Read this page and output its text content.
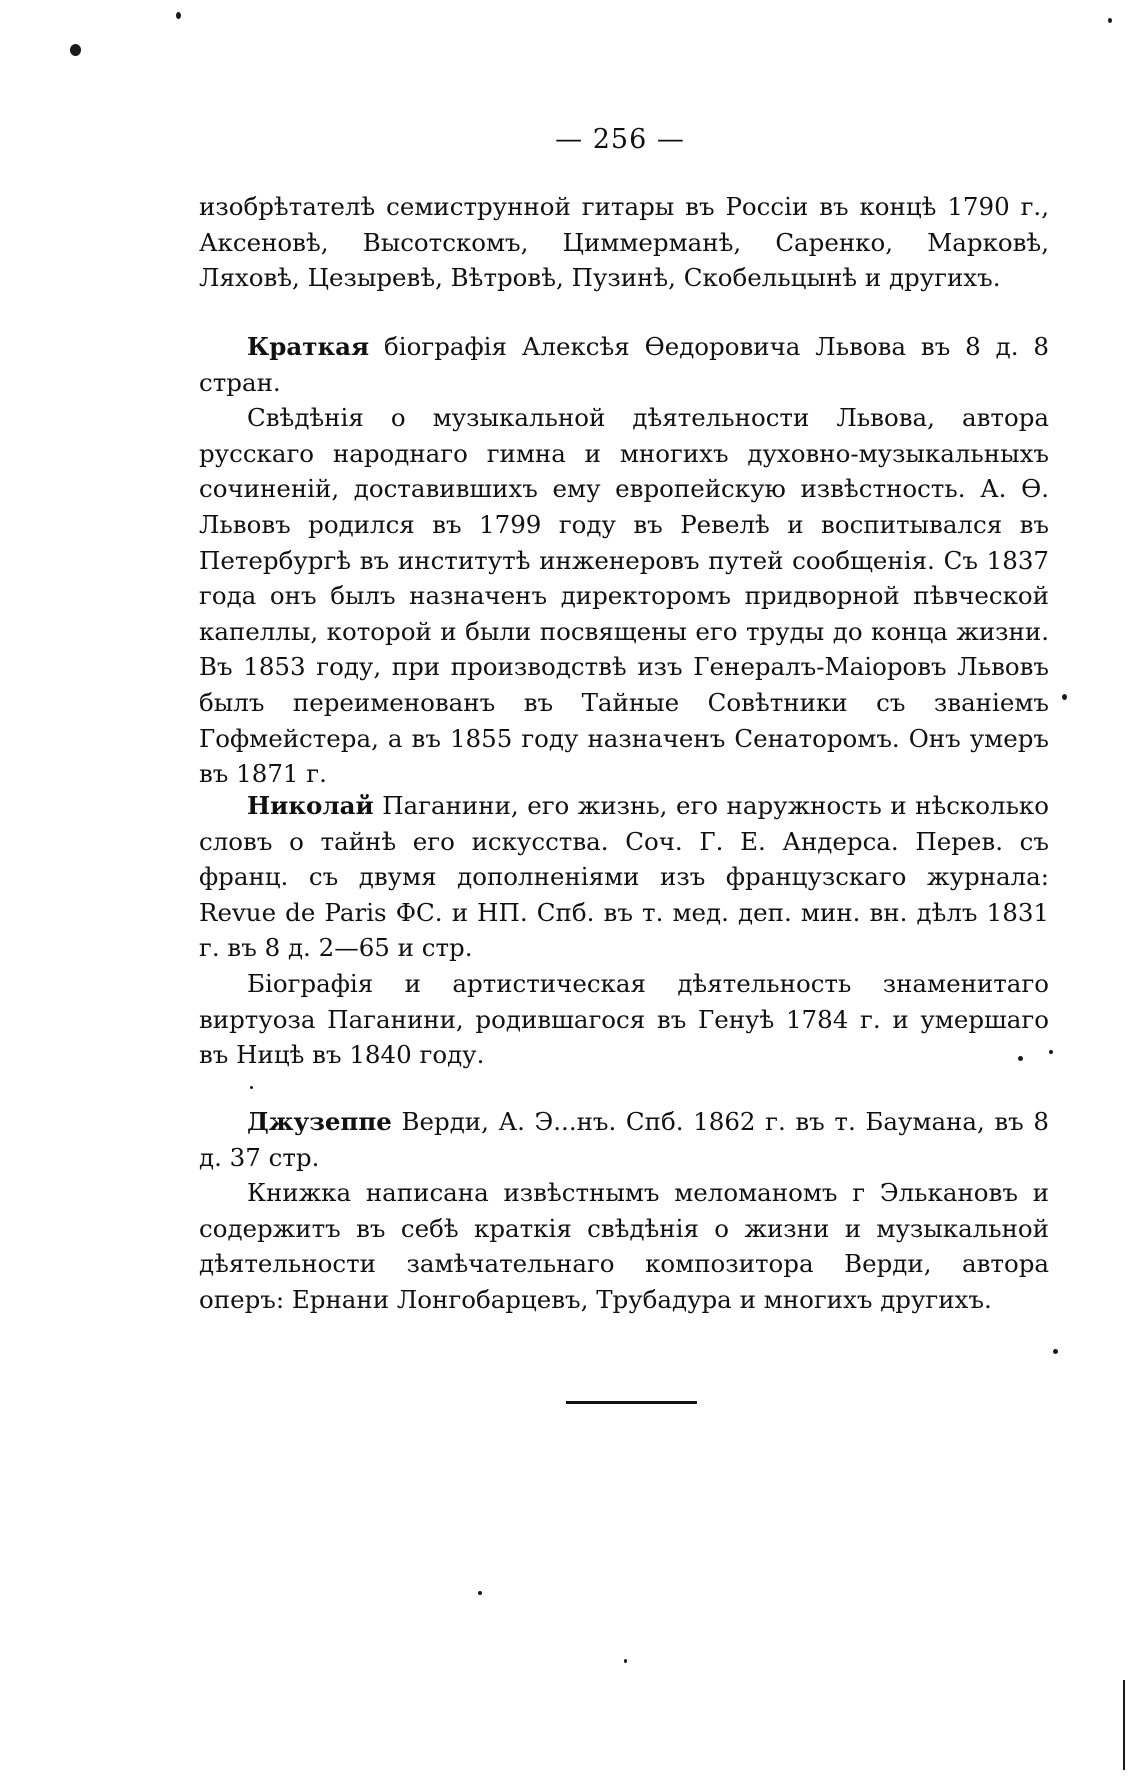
— 256 —

изобрѣтателѣ семиструнной гитары въ Россіи въ концѣ 1790 г., Аксеновѣ, Высотскомъ, Циммерманѣ, Саренко, Марковѣ, Ляховѣ, Цезыревѣ, Вѣтровѣ, Пузинѣ, Скобельцынѣ и другихъ.

Краткая біографія Алексѣя Ѳедоровича Львова въ 8 д. 8 стран.

Свѣдѣнія о музыкальной дѣятельности Львова, автора русскаго народнаго гимна и многихъ духовно-музыкальныхъ сочиненій, доставившихъ ему европейскую извѣстность. А. Ѳ. Львовъ родился въ 1799 году въ Ревелѣ и воспитывался въ Петербургѣ въ институтѣ инженеровъ путей сообщенія. Съ 1837 года онъ былъ назначенъ директоромъ придворной пѣвческой капеллы, которой и были посвящены его труды до конца жизни. Въ 1853 году, при производствѣ изъ Генералъ-Маіоровъ Львовъ былъ переименованъ въ Тайные Совѣтники съ званіемъ Гофмейстера, а въ 1855 году назначенъ Сенаторомъ. Онъ умеръ въ 1871 г.

Николай Паганини, его жизнь, его наружность и нѣсколько словъ о тайнѣ его искусства. Соч. Г. Е. Андерса. Перев. съ франц. съ двумя дополненіями изъ французскаго журнала: Revue de Paris ФС. и НП. Спб. въ т. мед. деп. мин. вн. дѣлъ 1831 г. въ 8 д. 2—65 и стр.

Біографія и артистическая дѣятельность знаменитаго виртуоза Паганини, родившагося въ Генуѣ 1784 г. и умершаго въ Ницѣ въ 1840 году.

Джузеппе Верди, А. Э...нъ. Спб. 1862 г. въ т. Баумана, въ 8 д. 37 стр.

Книжка написана извѣстнымъ меломаномъ г Элькановъ и содержитъ въ себѣ краткія свѣдѣнія о жизни и музыкальной дѣятельности замѣчательнаго композитора Верди, автора оперъ: Ернани Лонгобарцевъ, Трубадура и многихъ другихъ.
